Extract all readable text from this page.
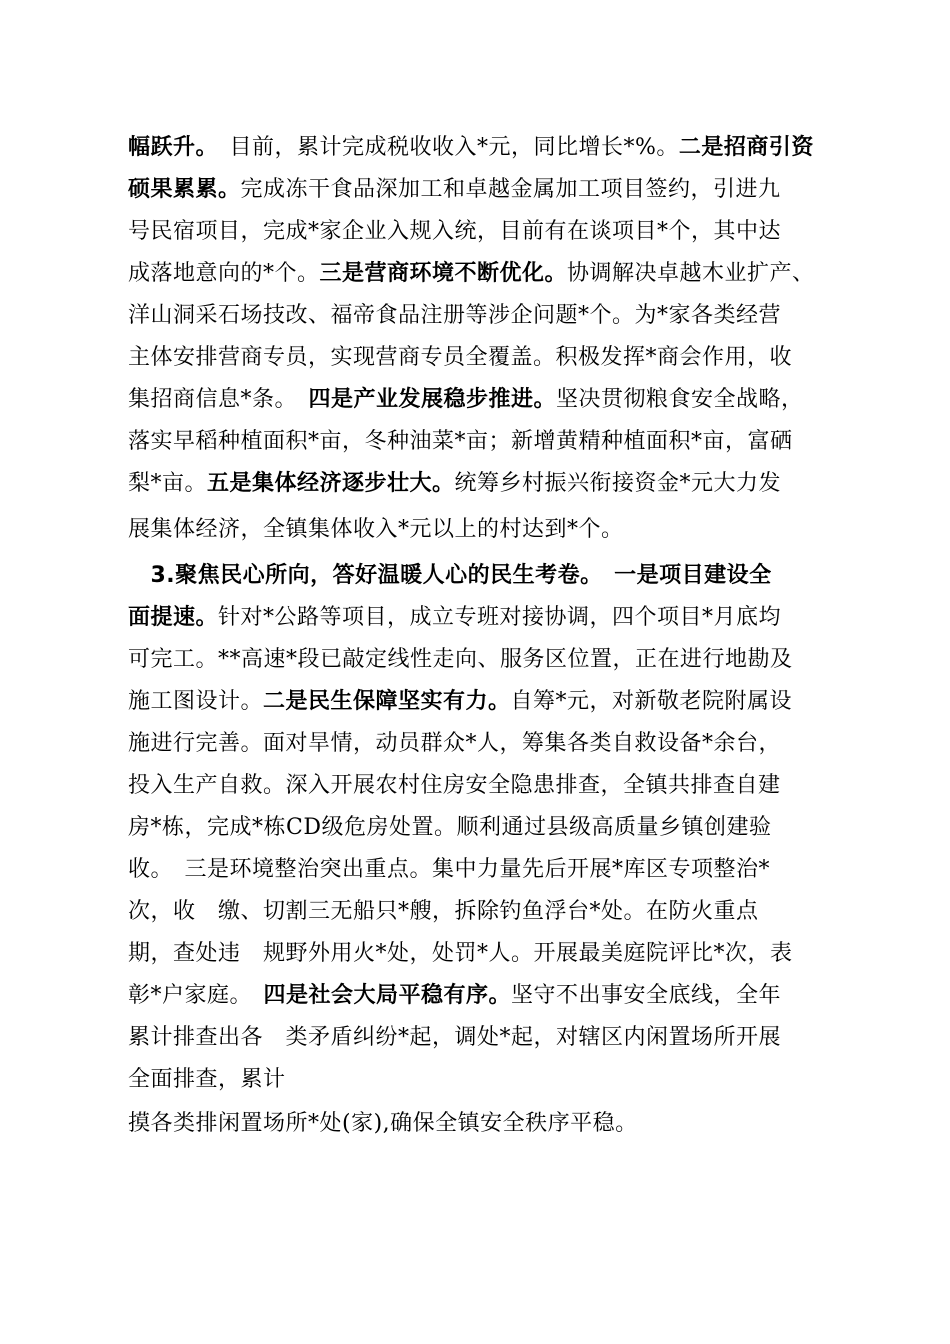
幅跃升。　目前，累计完成税收收入*元，同比增长*%。二是招商引资
硕果累累。完成冻干食品深加工和卓越金属加工项目签约，引进九
号民宿项目，完成*家企业入规入统，目前有在谈项目*个，其中达
成落地意向的*个。三是营商环境不断优化。协调解决卓越木业扩产、
洋山洞采石场技改、福帝食品注册等涉企问题*个。为*家各类经营
主体安排营商专员，实现营商专员全覆盖。积极发挥*商会作用，收
集招商信息*条。　四是产业发展稳步推进。坚决贯彻粮食安全战略，
落实早稻种植面积*亩，冬种油菜*亩；新增黄精种植面积*亩，富硒
梨*亩。五是集体经济逐步壮大。统筹乡村振兴衔接资金*元大力发
展集体经济，全镇集体收入*元以上的村达到*个。
　3.聚焦民心所向，答好温暖人心的民生考卷。　一是项目建设全
面提速。针对*公路等项目，成立专班对接协调，四个项目*月底均
可完工。**高速*段已敲定线性走向、服务区位置，正在进行地勘及
施工图设计。二是民生保障坚实有力。自筹*元，对新敬老院附属设
施进行完善。面对旱情，动员群众*人，筹集各类自救设备*余台，
投入生产自救。深入开展农村住房安全隐患排查，全镇共排查自建
房*栋，完成*栋CD级危房处置。顺利通过县级高质量乡镇创建验
收。　三是环境整治突出重点。集中力量先后开展*库区专项整治*
次，收　缴、切割三无船只*艘，拆除钓鱼浮台*处。在防火重点
期，查处违　规野外用火*处，处罚*人。开展最美庭院评比*次，表
彰*户家庭。　四是社会大局平稳有序。坚守不出事安全底线，全年
累计排查出各　类矛盾纠纷*起，调处*起，对辖区内闲置场所开展
全面排查，累计
摸各类排闲置场所*处(家),确保全镇安全秩序平稳。
